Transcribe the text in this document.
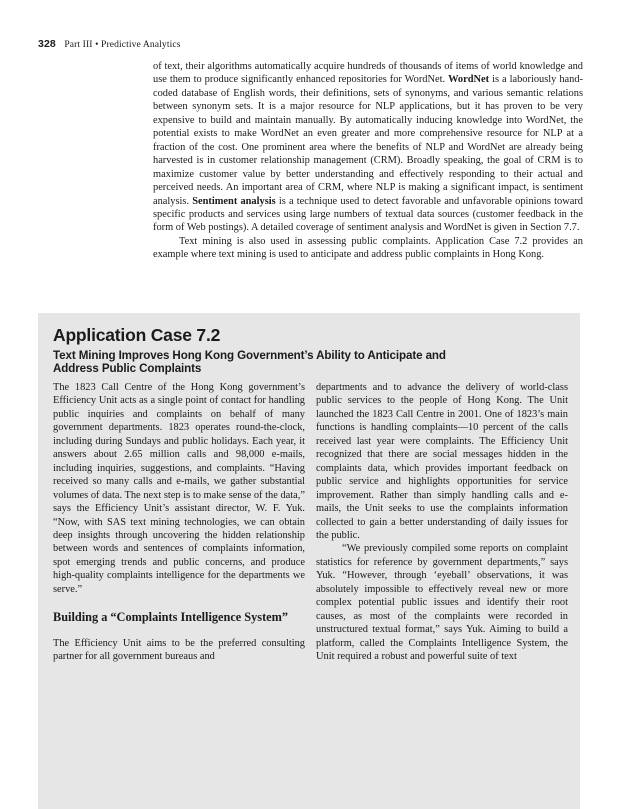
328 Part III • Predictive Analytics

of text, their algorithms automatically acquire hundreds of thousands of items of world knowledge and use them to produce significantly enhanced repositories for WordNet. WordNet is a laboriously hand-coded database of English words, their definitions, sets of synonyms, and various semantic relations between synonym sets. It is a major resource for NLP applications, but it has proven to be very expensive to build and maintain manually. By automatically inducing knowledge into WordNet, the potential exists to make WordNet an even greater and more comprehensive resource for NLP at a fraction of the cost. One prominent area where the benefits of NLP and WordNet are already being harvested is in customer relationship management (CRM). Broadly speaking, the goal of CRM is to maximize customer value by better understanding and effectively responding to their actual and perceived needs. An important area of CRM, where NLP is making a significant impact, is sentiment analysis. Sentiment analysis is a technique used to detect favorable and unfavorable opinions toward specific products and services using large numbers of textual data sources (customer feedback in the form of Web postings). A detailed coverage of sentiment analysis and WordNet is given in Section 7.7.

Text mining is also used in assessing public complaints. Application Case 7.2 provides an example where text mining is used to anticipate and address public complaints in Hong Kong.

Application Case 7.2
Text Mining Improves Hong Kong Government’s Ability to Anticipate and Address Public Complaints

The 1823 Call Centre of the Hong Kong government’s Efficiency Unit acts as a single point of contact for handling public inquiries and complaints on behalf of many government departments. 1823 operates round-the-clock, including during Sundays and public holidays. Each year, it answers about 2.65 million calls and 98,000 e-mails, including inquiries, suggestions, and complaints. “Having received so many calls and e-mails, we gather substantial volumes of data. The next step is to make sense of the data,” says the Efficiency Unit’s assistant director, W. F. Yuk. “Now, with SAS text mining technologies, we can obtain deep insights through uncovering the hidden relationship between words and sentences of complaints information, spot emerging trends and public concerns, and produce high-quality complaints intelligence for the departments we serve.”

Building a “Complaints Intelligence System”

The Efficiency Unit aims to be the preferred consulting partner for all government bureaus and

departments and to advance the delivery of world-class public services to the people of Hong Kong. The Unit launched the 1823 Call Centre in 2001. One of 1823’s main functions is handling complaints—10 percent of the calls received last year were complaints. The Efficiency Unit recognized that there are social messages hidden in the complaints data, which provides important feedback on public service and highlights opportunities for service improvement. Rather than simply handling calls and e-mails, the Unit seeks to use the complaints information collected to gain a better understanding of daily issues for the public.

“We previously compiled some reports on complaint statistics for reference by government departments,” says Yuk. “However, through ‘eyeball’ observations, it was absolutely impossible to effectively reveal new or more complex potential public issues and identify their root causes, as most of the complaints were recorded in unstructured textual format,” says Yuk. Aiming to build a platform, called the Complaints Intelligence System, the Unit required a robust and powerful suite of text
